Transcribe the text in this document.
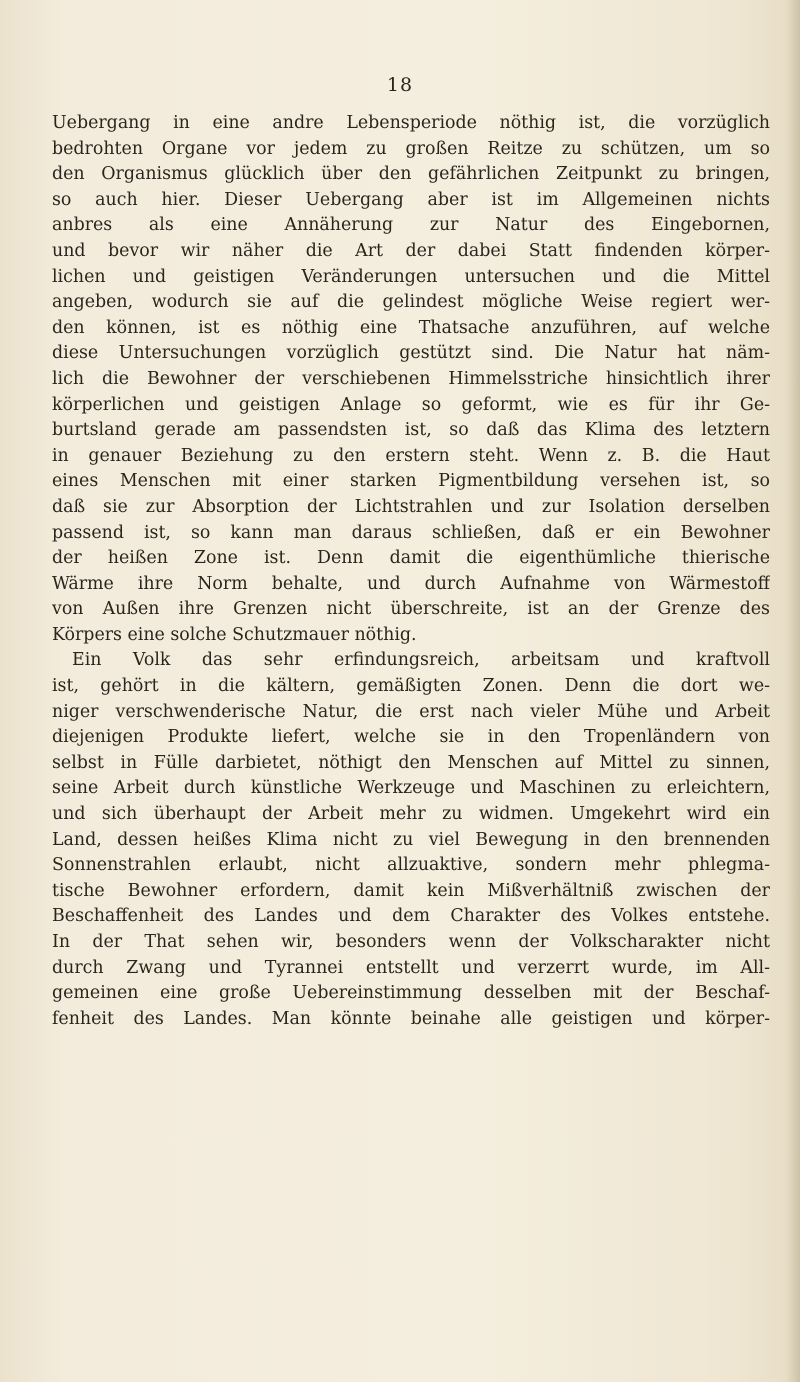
18
Uebergang in eine andre Lebensperiode nöthig ist, die vorzüglich
bedrohten Organe vor jedem zu großen Reitze zu schützen, um so
den Organismus glücklich über den gefährlichen Zeitpunkt zu bringen,
so auch hier. Dieser Uebergang aber ist im Allgemeinen nichts
anbres als eine Annäherung zur Natur des Eingebornen,
und bevor wir näher die Art der dabei Statt findenden körper-
lichen und geistigen Veränderungen untersuchen und die Mittel
angeben, wodurch sie auf die gelindest mögliche Weise regiert wer-
den können, ist es nöthig eine Thatsache anzuführen, auf welche
diese Untersuchungen vorzüglich gestützt sind. Die Natur hat näm-
lich die Bewohner der verschiebenen Himmelsstriche hinsichtlich ihrer
körperlichen und geistigen Anlage so geformt, wie es für ihr Ge-
burtsland gerade am passendsten ist, so daß das Klima des letztern
in genauer Beziehung zu den erstern steht. Wenn z. B. die Haut
eines Menschen mit einer starken Pigmentbildung versehen ist, so
daß sie zur Absorption der Lichtstrahlen und zur Isolation derselben
passend ist, so kann man daraus schließen, daß er ein Bewohner
der heißen Zone ist. Denn damit die eigenthümliche thierische
Wärme ihre Norm behalte, und durch Aufnahme von Wärmestoff
von Außen ihre Grenzen nicht überschreite, ist an der Grenze des
Körpers eine solche Schutzmauer nöthig.
Ein Volk das sehr erfindungsreich, arbeitsam und kraftvoll
ist, gehört in die kältern, gemäßigten Zonen. Denn die dort we-
niger verschwenderische Natur, die erst nach vieler Mühe und Arbeit
diejenigen Produkte liefert, welche sie in den Tropenländern von
selbst in Fülle darbietet, nöthigt den Menschen auf Mittel zu sinnen,
seine Arbeit durch künstliche Werkzeuge und Maschinen zu erleichtern,
und sich überhaupt der Arbeit mehr zu widmen. Umgekehrt wird ein
Land, dessen heißes Klima nicht zu viel Bewegung in den brennenden
Sonnenstrahlen erlaubt, nicht allzuaktive, sondern mehr phlegma-
tische Bewohner erfordern, damit kein Mißverhältniß zwischen der
Beschaffenheit des Landes und dem Charakter des Volkes entstehe.
In der That sehen wir, besonders wenn der Volkscharakter nicht
durch Zwang und Tyrannei entstellt und verzerrt wurde, im All-
gemeinen eine große Uebereinstimmung desselben mit der Beschaf-
fenheit des Landes. Man könnte beinahe alle geistigen und körper-
